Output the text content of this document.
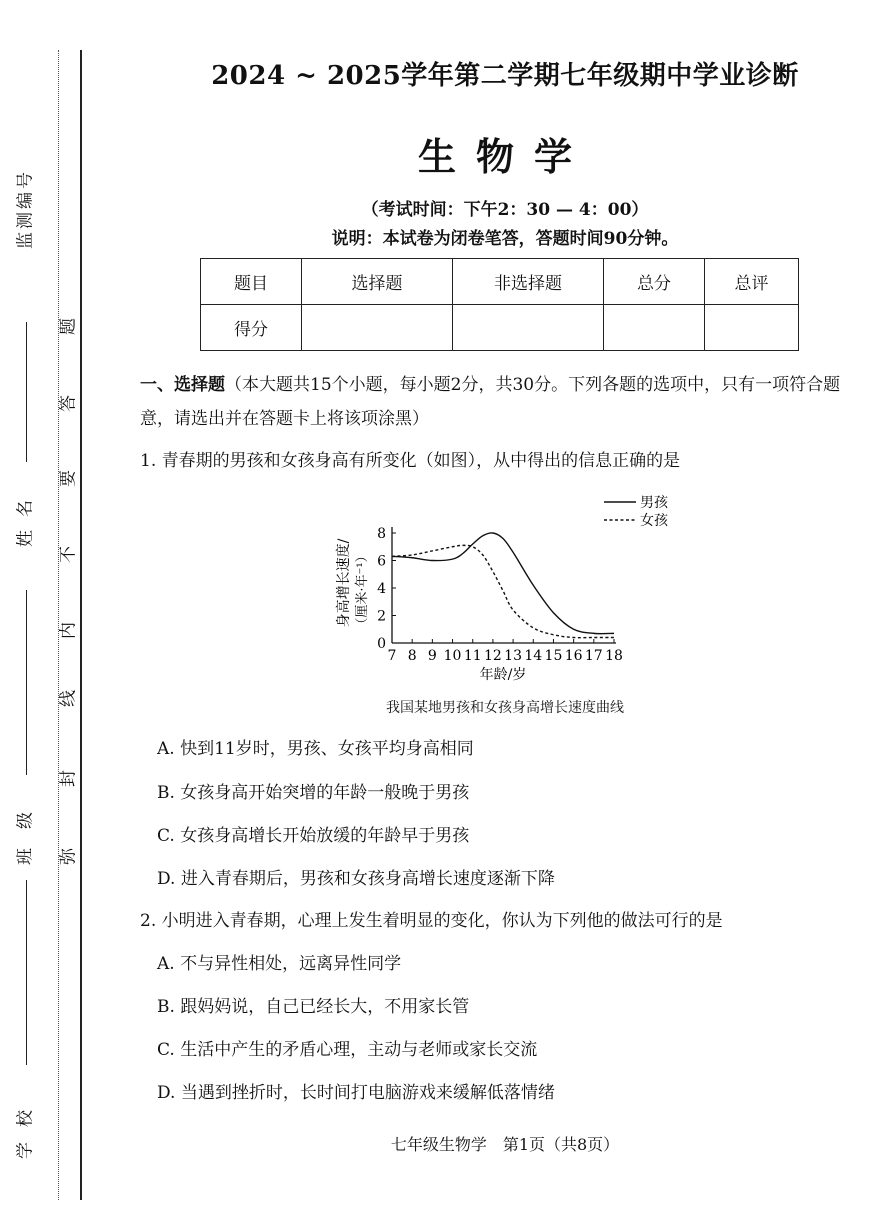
监
测
编
号
姓
名
班
级
学
校
弥
封
线
内
不
要
答
题
2024 ~ 2025学年第二学期七年级期中学业诊断
生物学
（考试时间：下午2：30 — 4：00）
说明：本试卷为闭卷笔答，答题时间90分钟。
题目	选择题	非选择题	总分	总评
得分				
一、选择题（本大题共15个小题，每小题2分，共30分。下列各题的选项中，只有一项符合题
意，请选出并在答题卡上将该项涂黑）
1. 青春期的男孩和女孩身高有所变化（如图），从中得出的信息正确的是
7 8 9 10 11 12 13 14 15 16 17 18
0
2
4
6
8
男孩
女孩
年龄/岁
身高增长速度/ （厘米·年⁻¹）
我国某地男孩和女孩身高增长速度曲线
A. 快到11岁时，男孩、女孩平均身高相同
B. 女孩身高开始突增的年龄一般晚于男孩
C. 女孩身高增长开始放缓的年龄早于男孩
D. 进入青春期后，男孩和女孩身高增长速度逐渐下降
2. 小明进入青春期，心理上发生着明显的变化，你认为下列他的做法可行的是
A. 不与异性相处，远离异性同学
B. 跟妈妈说，自己已经长大，不用家长管
C. 生活中产生的矛盾心理，主动与老师或家长交流
D. 当遇到挫折时，长时间打电脑游戏来缓解低落情绪
七年级生物学　第1页（共8页）
